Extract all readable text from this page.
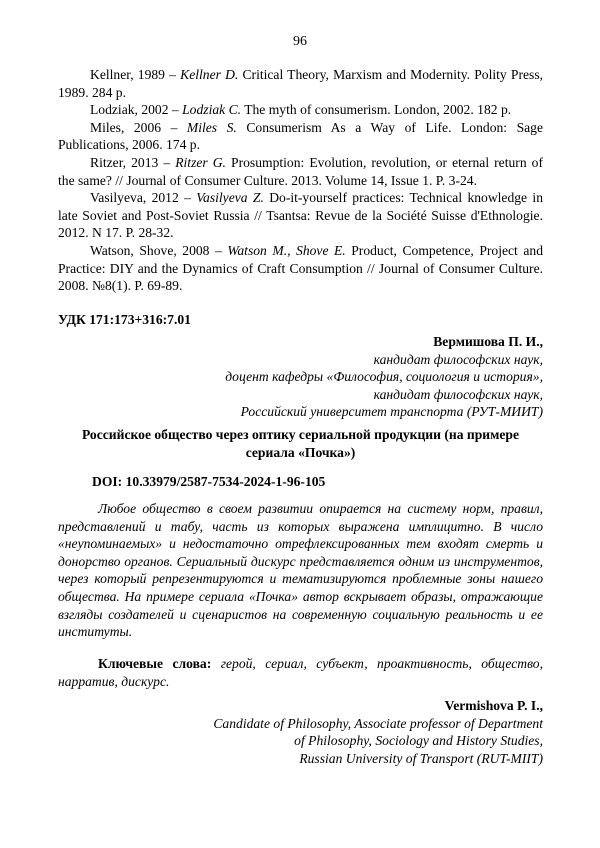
96

Kellner, 1989 – Kellner D. Critical Theory, Marxism and Modernity. Polity Press, 1989. 284 p.

Lodziak, 2002 – Lodziak C. The myth of consumerism. London, 2002. 182 p.

Miles, 2006 – Miles S. Consumerism As a Way of Life. London: Sage Publications, 2006. 174 p.

Ritzer, 2013 – Ritzer G. Prosumption: Evolution, revolution, or eternal return of the same? // Journal of Consumer Culture. 2013. Volume 14, Issue 1. P. 3-24.

Vasilyeva, 2012 – Vasilyeva Z. Do-it-yourself practices: Technical knowledge in late Soviet and Post-Soviet Russia // Tsantsa: Revue de la Société Suisse d'Ethnologie. 2012. N 17. P. 28-32.

Watson, Shove, 2008 – Watson M., Shove E. Product, Competence, Project and Practice: DIY and the Dynamics of Craft Consumption // Journal of Consumer Culture. 2008. №8(1). P. 69-89.

УДК 171:173+316:7.01
Вермишова П. И.,
кандидат философских наук,
доцент кафедры «Философия, социология и история»,
кандидат философских наук,
Российский университет транспорта (РУТ-МИИТ)
Российское общество через оптику сериальной продукции (на примере сериала «Почка»)
DOI: 10.33979/2587-7534-2024-1-96-105

Любое общество в своем развитии опирается на систему норм, правил, представлений и табу, часть из которых выражена имплицитно. В число «неупоминаемых» и недостаточно отрефлексированных тем входят смерть и донорство органов. Сериальный дискурс представляется одним из инструментов, через который репрезентируются и тематизируются проблемные зоны нашего общества. На примере сериала «Почка» автор вскрывает образы, отражающие взгляды создателей и сценаристов на современную социальную реальность и ее институты.

Ключевые слова: герой, сериал, субъект, проактивность, общество, нарратив, дискурс.

Vermishova P. I.,
Candidate of Philosophy, Associate professor of Department
of Philosophy, Sociology and History Studies,
Russian University of Transport (RUT-MIIT)
